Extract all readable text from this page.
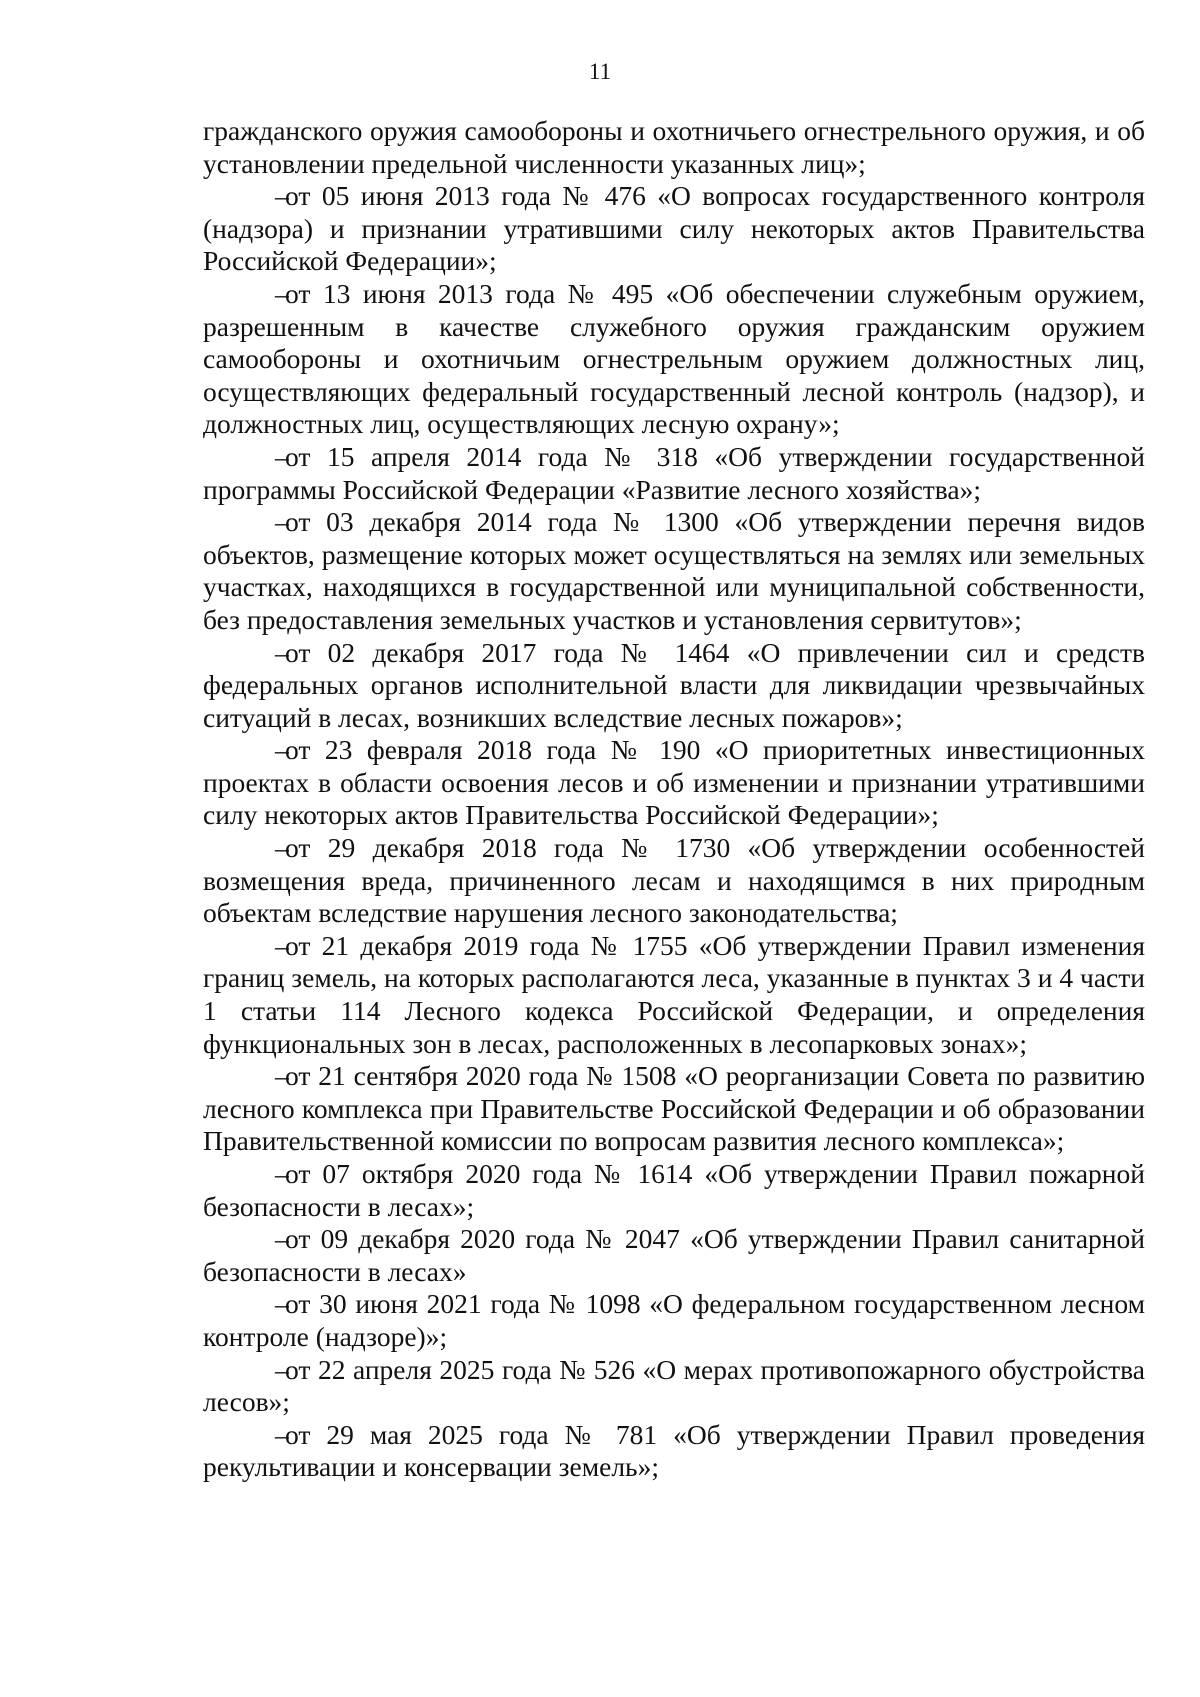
11

гражданского оружия самообороны и охотничьего огнестрельного оружия, и об установлении предельной численности указанных лиц»;

–
от 05 июня 2013 года № 476 «О вопросах государственного контроля (надзора) и признании утратившими силу некоторых актов Правительства Российской Федерации»;

–
от 13 июня 2013 года № 495 «Об обеспечении служебным оружием, разрешенным в качестве служебного оружия гражданским оружием самообороны и охотничьим огнестрельным оружием должностных лиц, осуществляющих федеральный государственный лесной контроль (надзор), и должностных лиц, осуществляющих лесную охрану»;

–
от 15 апреля 2014 года № 318 «Об утверждении государственной программы Российской Федерации «Развитие лесного хозяйства»;

–
от 03 декабря 2014 года № 1300 «Об утверждении перечня видов объектов, размещение которых может осуществляться на землях или земельных участках, находящихся в государственной или муниципальной собственности, без предоставления земельных участков и установления сервитутов»;

–
от 02 декабря 2017 года № 1464 «О привлечении сил и средств федеральных органов исполнительной власти для ликвидации чрезвычайных ситуаций в лесах, возникших вследствие лесных пожаров»;

–
от 23 февраля 2018 года № 190 «О приоритетных инвестиционных проектах в области освоения лесов и об изменении и признании утратившими силу некоторых актов Правительства Российской Федерации»;

–
от 29 декабря 2018 года № 1730 «Об утверждении особенностей возмещения вреда, причиненного лесам и находящимся в них природным объектам вследствие нарушения лесного законодательства;

–
от 21 декабря 2019 года № 1755 «Об утверждении Правил изменения границ земель, на которых располагаются леса, указанные в пунктах 3 и 4 части 1 статьи 114 Лесного кодекса Российской Федерации, и определения функциональных зон в лесах, расположенных в лесопарковых зонах»;

–
от 21 сентября 2020 года № 1508 «О реорганизации Совета по развитию лесного комплекса при Правительстве Российской Федерации и об образовании Правительственной комиссии по вопросам развития лесного комплекса»;

–
от 07 октября 2020 года № 1614 «Об утверждении Правил пожарной безопасности в лесах»;

–
от 09 декабря 2020 года № 2047 «Об утверждении Правил санитарной безопасности в лесах»

–
от 30 июня 2021 года № 1098 «О федеральном государственном лесном контроле (надзоре)»;

–
от 22 апреля 2025 года № 526 «О мерах противопожарного обустройства лесов»;

–
от 29 мая 2025 года № 781 «Об утверждении Правил проведения рекультивации и консервации земель»;
